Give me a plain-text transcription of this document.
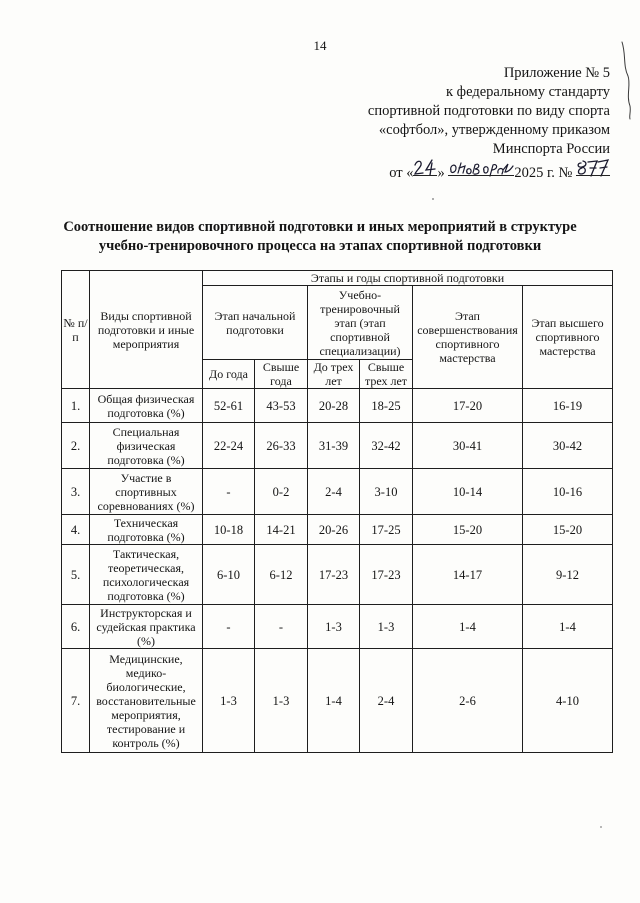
14
Приложение № 5
к федеральному стандарту
спортивной подготовки по виду спорта
«софтбол», утвержденному приказом
Минспорта России
от « »	2025 г. №
Соотношение видов спортивной подготовки и иных мероприятий в структуре
учебно-тренировочного процесса на этапах спортивной подготовки
№ п/п	Виды спортивной подготовки и иные мероприятия	Этапы и годы спортивной подготовки					
		Этап начальной подготовки		Учебно-тренировочный этап (этап спортивной специализации)		Этап совершенствования спортивного мастерства	Этап высшего спортивного мастерства
		До года	Свыше года	До трех лет	Свыше трех лет		
1.	Общая физическая подготовка (%)	52-61	43-53	20-28	18-25	17-20	16-19
2.	Специальная физическая подготовка (%)	22-24	26-33	31-39	32-42	30-41	30-42
3.	Участие в спортивных соревнованиях (%)	-	0-2	2-4	3-10	10-14	10-16
4.	Техническая подготовка (%)	10-18	14-21	20-26	17-25	15-20	15-20
5.	Тактическая, теоретическая, психологическая подготовка (%)	6-10	6-12	17-23	17-23	14-17	9-12
6.	Инструкторская и судейская практика (%)	-	-	1-3	1-3	1-4	1-4
7.	Медицинские, медико-биологические, восстановительные мероприятия, тестирование и контроль (%)	1-3	1-3	1-4	2-4	2-6	4-10
